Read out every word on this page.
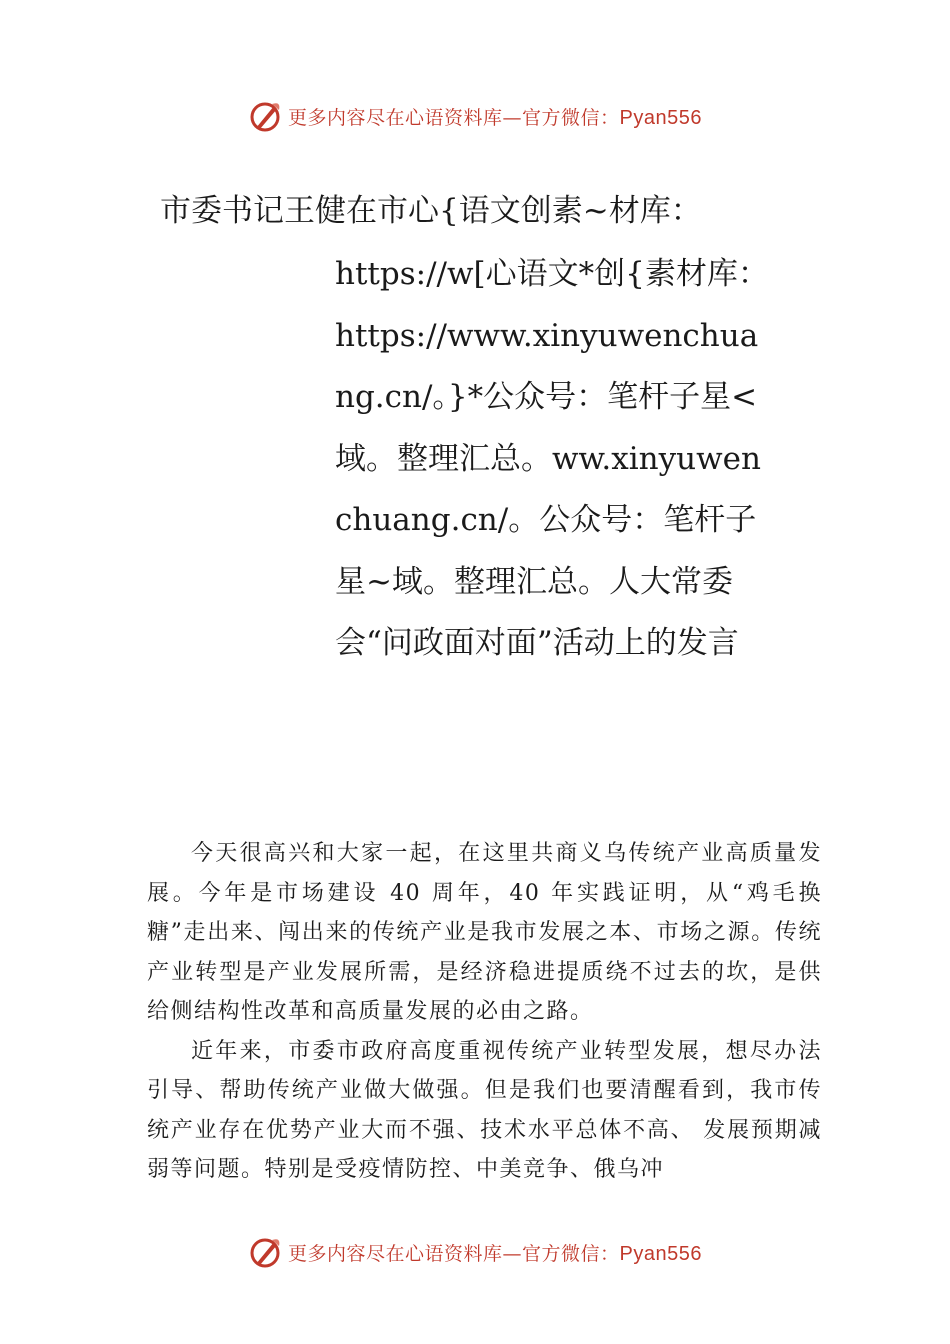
更多内容尽在心语资料库—官方微信：Pyan556
市委书记王健在市心{语文创素~材库：
https://w[心语文*创{素材库：https://www.xinyuwenchuang.cn/。}*公众号：笔杆子星<域。整理汇总。ww.xinyuwenchuang.cn/。公众号：笔杆子星~域。整理汇总。人大常委会“问政面对面”活动上的发言

今天很高兴和大家一起，在这里共商义乌传统产业高质量发展。今年是市场建设 40 周年，40 年实践证明，从“鸡毛换糖”走出来、闯出来的传统产业是我市发展之本、市场之源。传统产业转型是产业发展所需，是经济稳进提质绕不过去的坎，是供给侧结构性改革和高质量发展的必由之路。

近年来，市委市政府高度重视传统产业转型发展，想尽办法引导、帮助传统产业做大做强。但是我们也要清醒看到，我市传统产业存在优势产业大而不强、技术水平总体不高、 发展预期减弱等问题。特别是受疫情防控、中美竞争、俄乌冲

更多内容尽在心语资料库—官方微信：Pyan556
